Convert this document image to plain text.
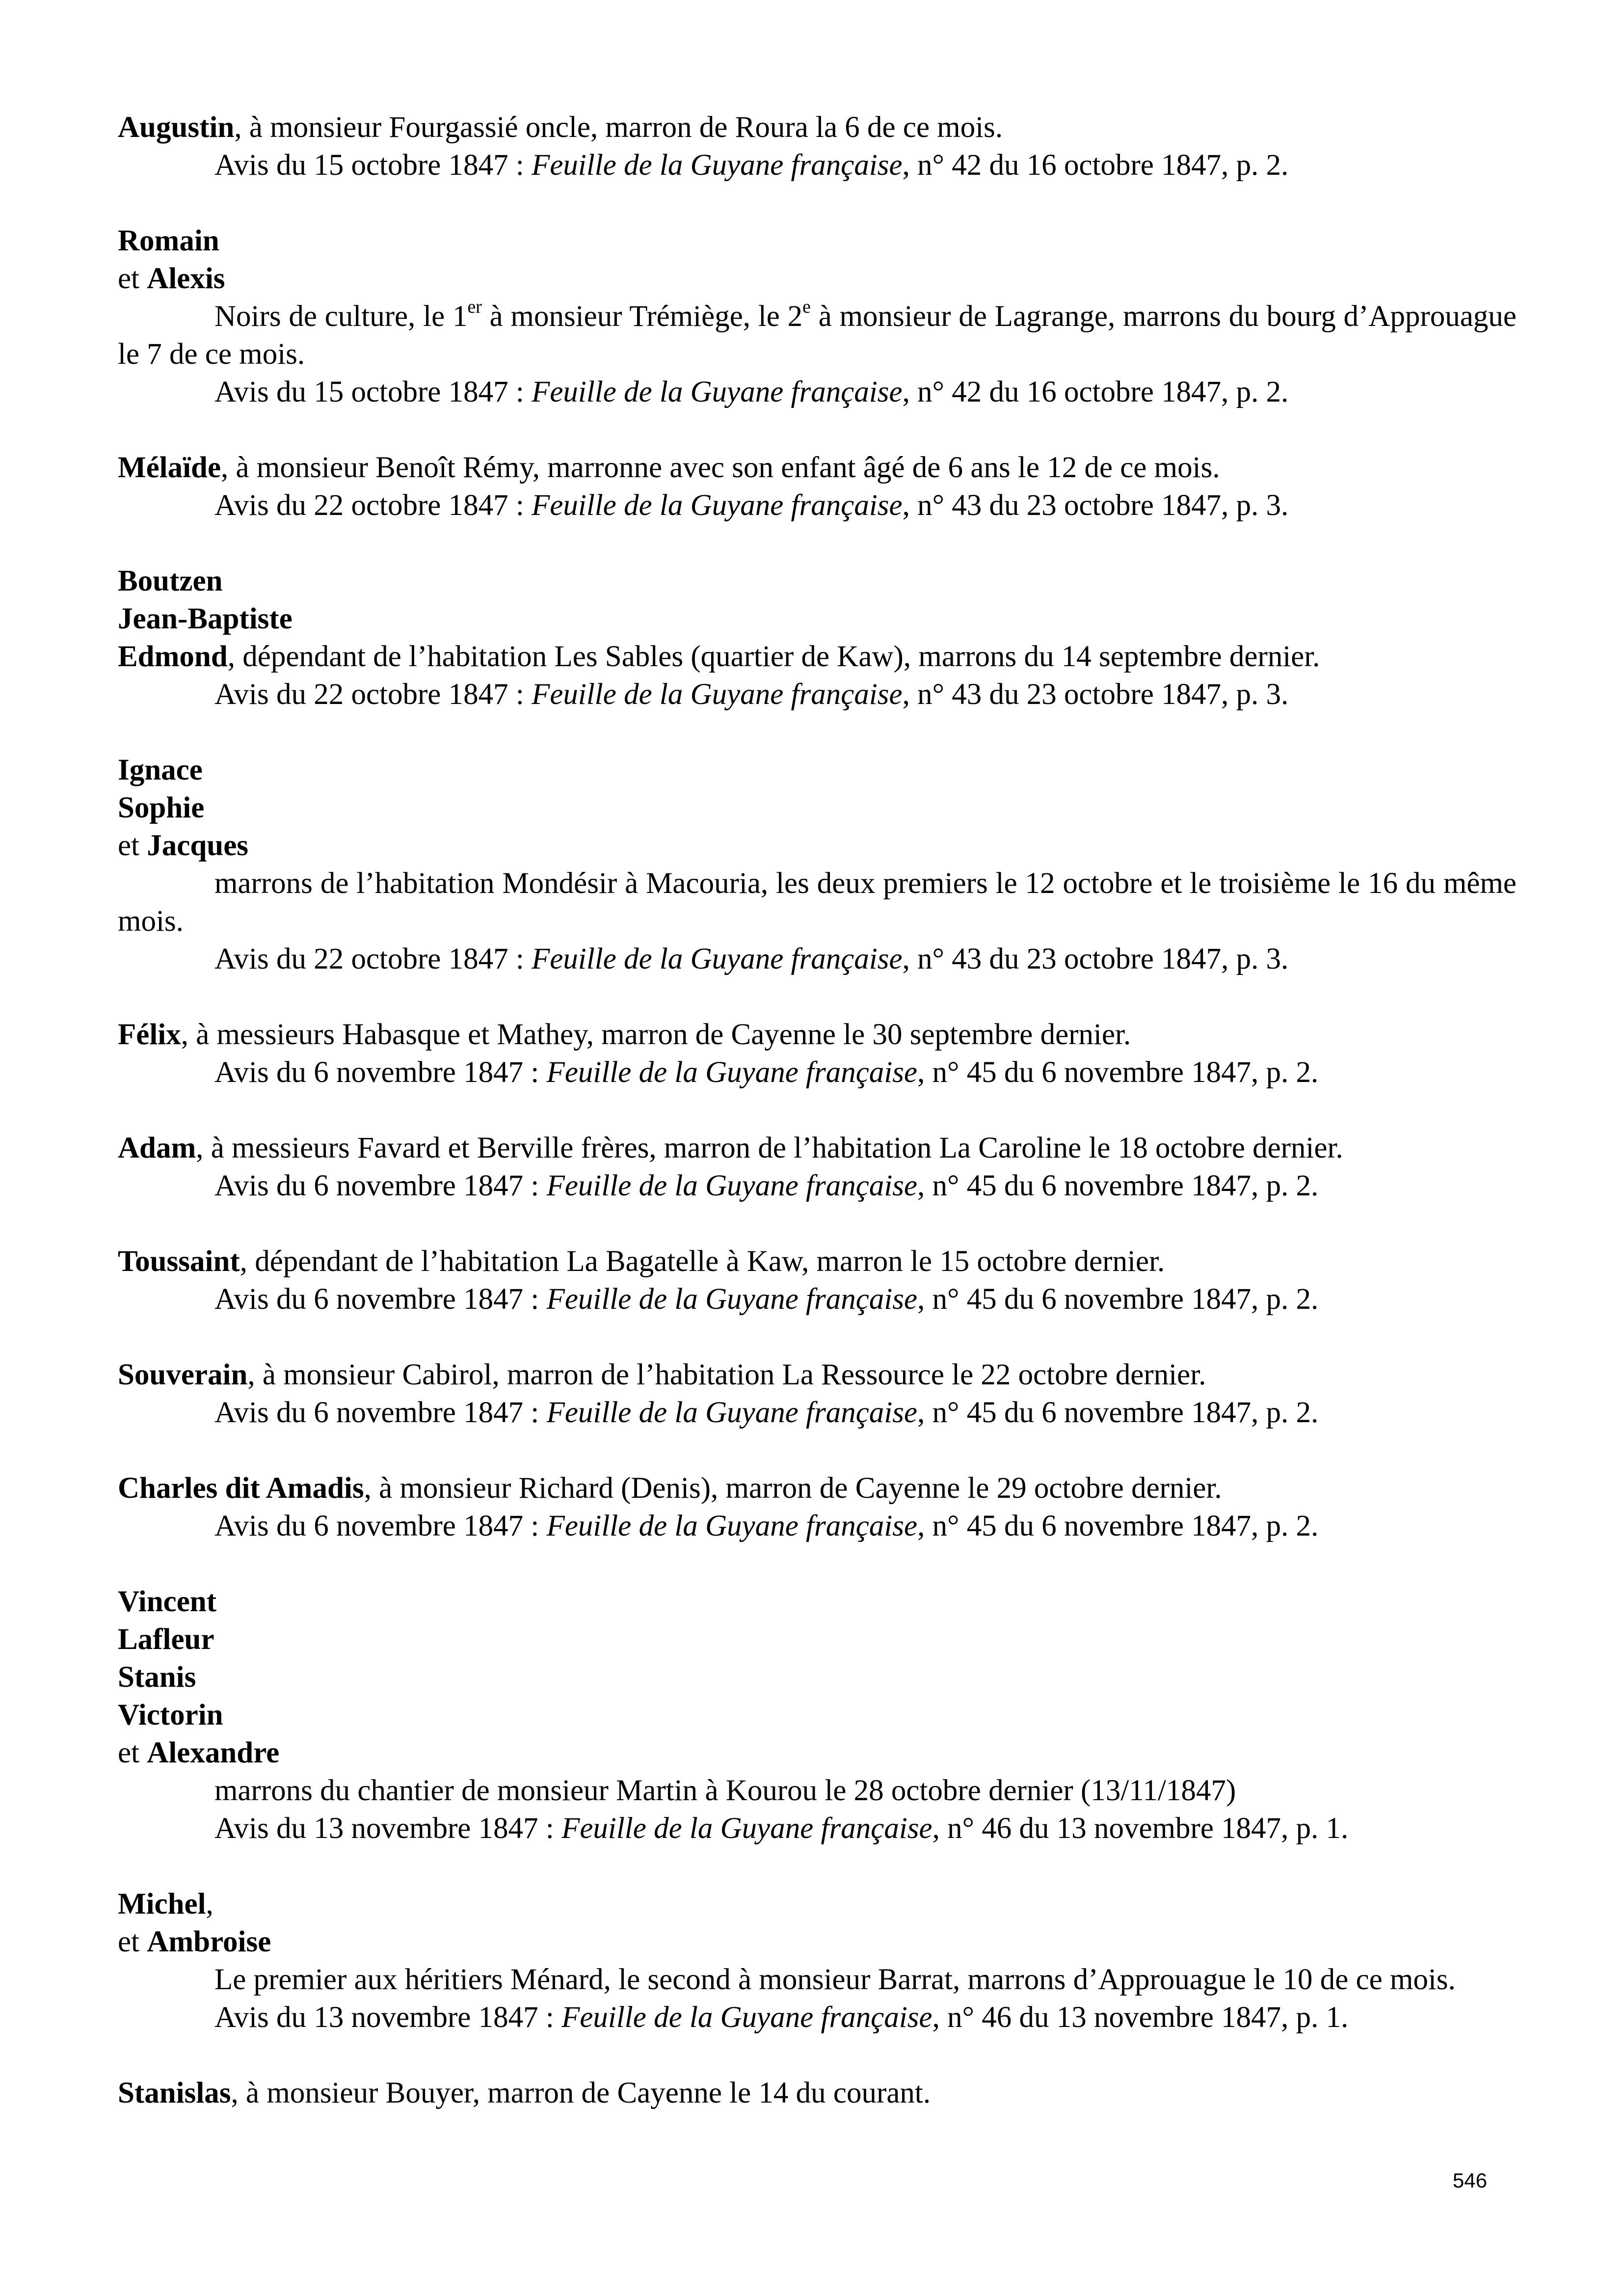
Augustin, à monsieur Fourgassié oncle, marron de Roura la 6 de ce mois.
Avis du 15 octobre 1847 : Feuille de la Guyane française, n° 42 du 16 octobre 1847, p. 2.
Romain
et Alexis
Noirs de culture, le 1er à monsieur Trémiège, le 2e à monsieur de Lagrange, marrons du bourg d’Approuague le 7 de ce mois.
Avis du 15 octobre 1847 : Feuille de la Guyane française, n° 42 du 16 octobre 1847, p. 2.
Mélaïde, à monsieur Benoît Rémy, marronne avec son enfant âgé de 6 ans le 12 de ce mois.
Avis du 22 octobre 1847 : Feuille de la Guyane française, n° 43 du 23 octobre 1847, p. 3.
Boutzen
Jean-Baptiste
Edmond, dépendant de l’habitation Les Sables (quartier de Kaw), marrons du 14 septembre dernier.
Avis du 22 octobre 1847 : Feuille de la Guyane française, n° 43 du 23 octobre 1847, p. 3.
Ignace
Sophie
et Jacques
marrons de l’habitation Mondésir à Macouria, les deux premiers le 12 octobre et le troisième le 16 du même mois.
Avis du 22 octobre 1847 : Feuille de la Guyane française, n° 43 du 23 octobre 1847, p. 3.
Félix, à messieurs Habasque et Mathey, marron de Cayenne le 30 septembre dernier.
Avis du 6 novembre 1847 : Feuille de la Guyane française, n° 45 du 6 novembre 1847, p. 2.
Adam, à messieurs Favard et Berville frères, marron de l’habitation La Caroline le 18 octobre dernier.
Avis du 6 novembre 1847 : Feuille de la Guyane française, n° 45 du 6 novembre 1847, p. 2.
Toussaint, dépendant de l’habitation La Bagatelle à Kaw, marron le 15 octobre dernier.
Avis du 6 novembre 1847 : Feuille de la Guyane française, n° 45 du 6 novembre 1847, p. 2.
Souverain, à monsieur Cabirol, marron de l’habitation La Ressource le 22 octobre dernier.
Avis du 6 novembre 1847 : Feuille de la Guyane française, n° 45 du 6 novembre 1847, p. 2.
Charles dit Amadis, à monsieur Richard (Denis), marron de Cayenne le 29 octobre dernier.
Avis du 6 novembre 1847 : Feuille de la Guyane française, n° 45 du 6 novembre 1847, p. 2.
Vincent
Lafleur
Stanis
Victorin
et Alexandre
marrons du chantier de monsieur Martin à Kourou le 28 octobre dernier (13/11/1847)
Avis du 13 novembre 1847 : Feuille de la Guyane française, n° 46 du 13 novembre 1847, p. 1.
Michel,
et Ambroise
Le premier aux héritiers Ménard, le second à monsieur Barrat, marrons d’Approuague le 10 de ce mois.
Avis du 13 novembre 1847 : Feuille de la Guyane française, n° 46 du 13 novembre 1847, p. 1.
Stanislas, à monsieur Bouyer, marron de Cayenne le 14 du courant.
546
